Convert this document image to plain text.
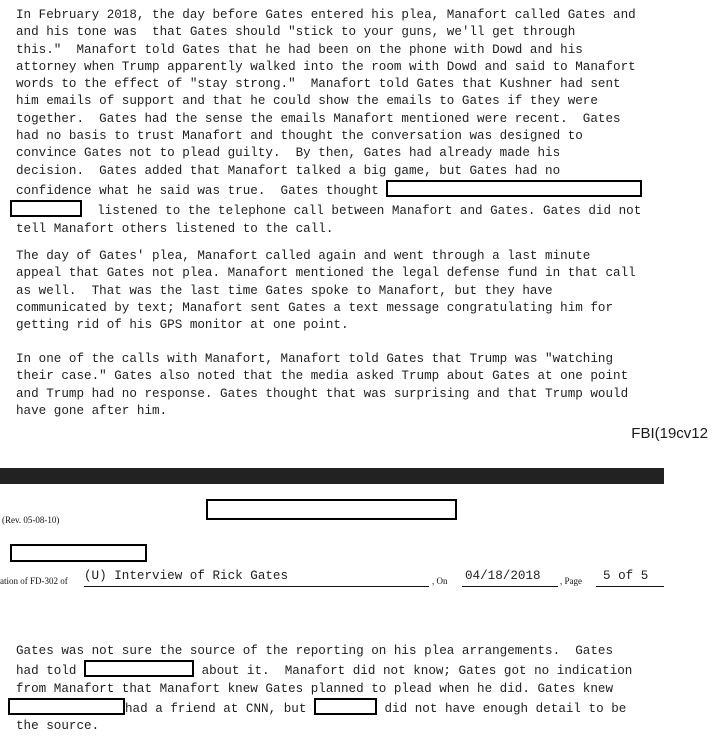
In February 2018, the day before Gates entered his plea, Manafort called Gates and
and his tone was  that Gates should "stick to your guns, we'll get through
this."  Manafort told Gates that he had been on the phone with Dowd and his
attorney when Trump apparently walked into the room with Dowd and said to Manafort
words to the effect of "stay strong."  Manafort told Gates that Kushner had sent
him emails of support and that he could show the emails to Gates if they were
together.  Gates had the sense the emails Manafort mentioned were recent.  Gates
had no basis to trust Manafort and thought the conversation was designed to
convince Gates not to plead guilty.  By then, Gates had already made his
decision.  Gates added that Manafort talked a big game, but Gates had no
confidence what he said was true.  Gates thought
listened to the telephone call between Manafort and Gates. Gates did not
tell Manafort others listened to the call.
The day of Gates' plea, Manafort called again and went through a last minute
appeal that Gates not plea. Manafort mentioned the legal defense fund in that call
as well.  That was the last time Gates spoke to Manafort, but they have
communicated by text; Manafort sent Gates a text message congratulating him for
getting rid of his GPS monitor at one point.
In one of the calls with Manafort, Manafort told Gates that Trump was "watching
their case." Gates also noted that the media asked Trump about Gates at one point
and Trump had no response. Gates thought that was surprising and that Trump would
have gone after him.
FBI(19cv12
(Rev. 05-08-10)
ation of FD-302 of (U) Interview of Rick Gates	, On 04/18/2018	, Page	5 of 5
Gates was not sure the source of the reporting on his plea arrangements.  Gates
had told	about it.  Manafort did not know; Gates got no indication
from Manafort that Manafort knew Gates planned to plead when he did. Gates knew
had a friend at CNN, but	did not have enough detail to be
the source.
